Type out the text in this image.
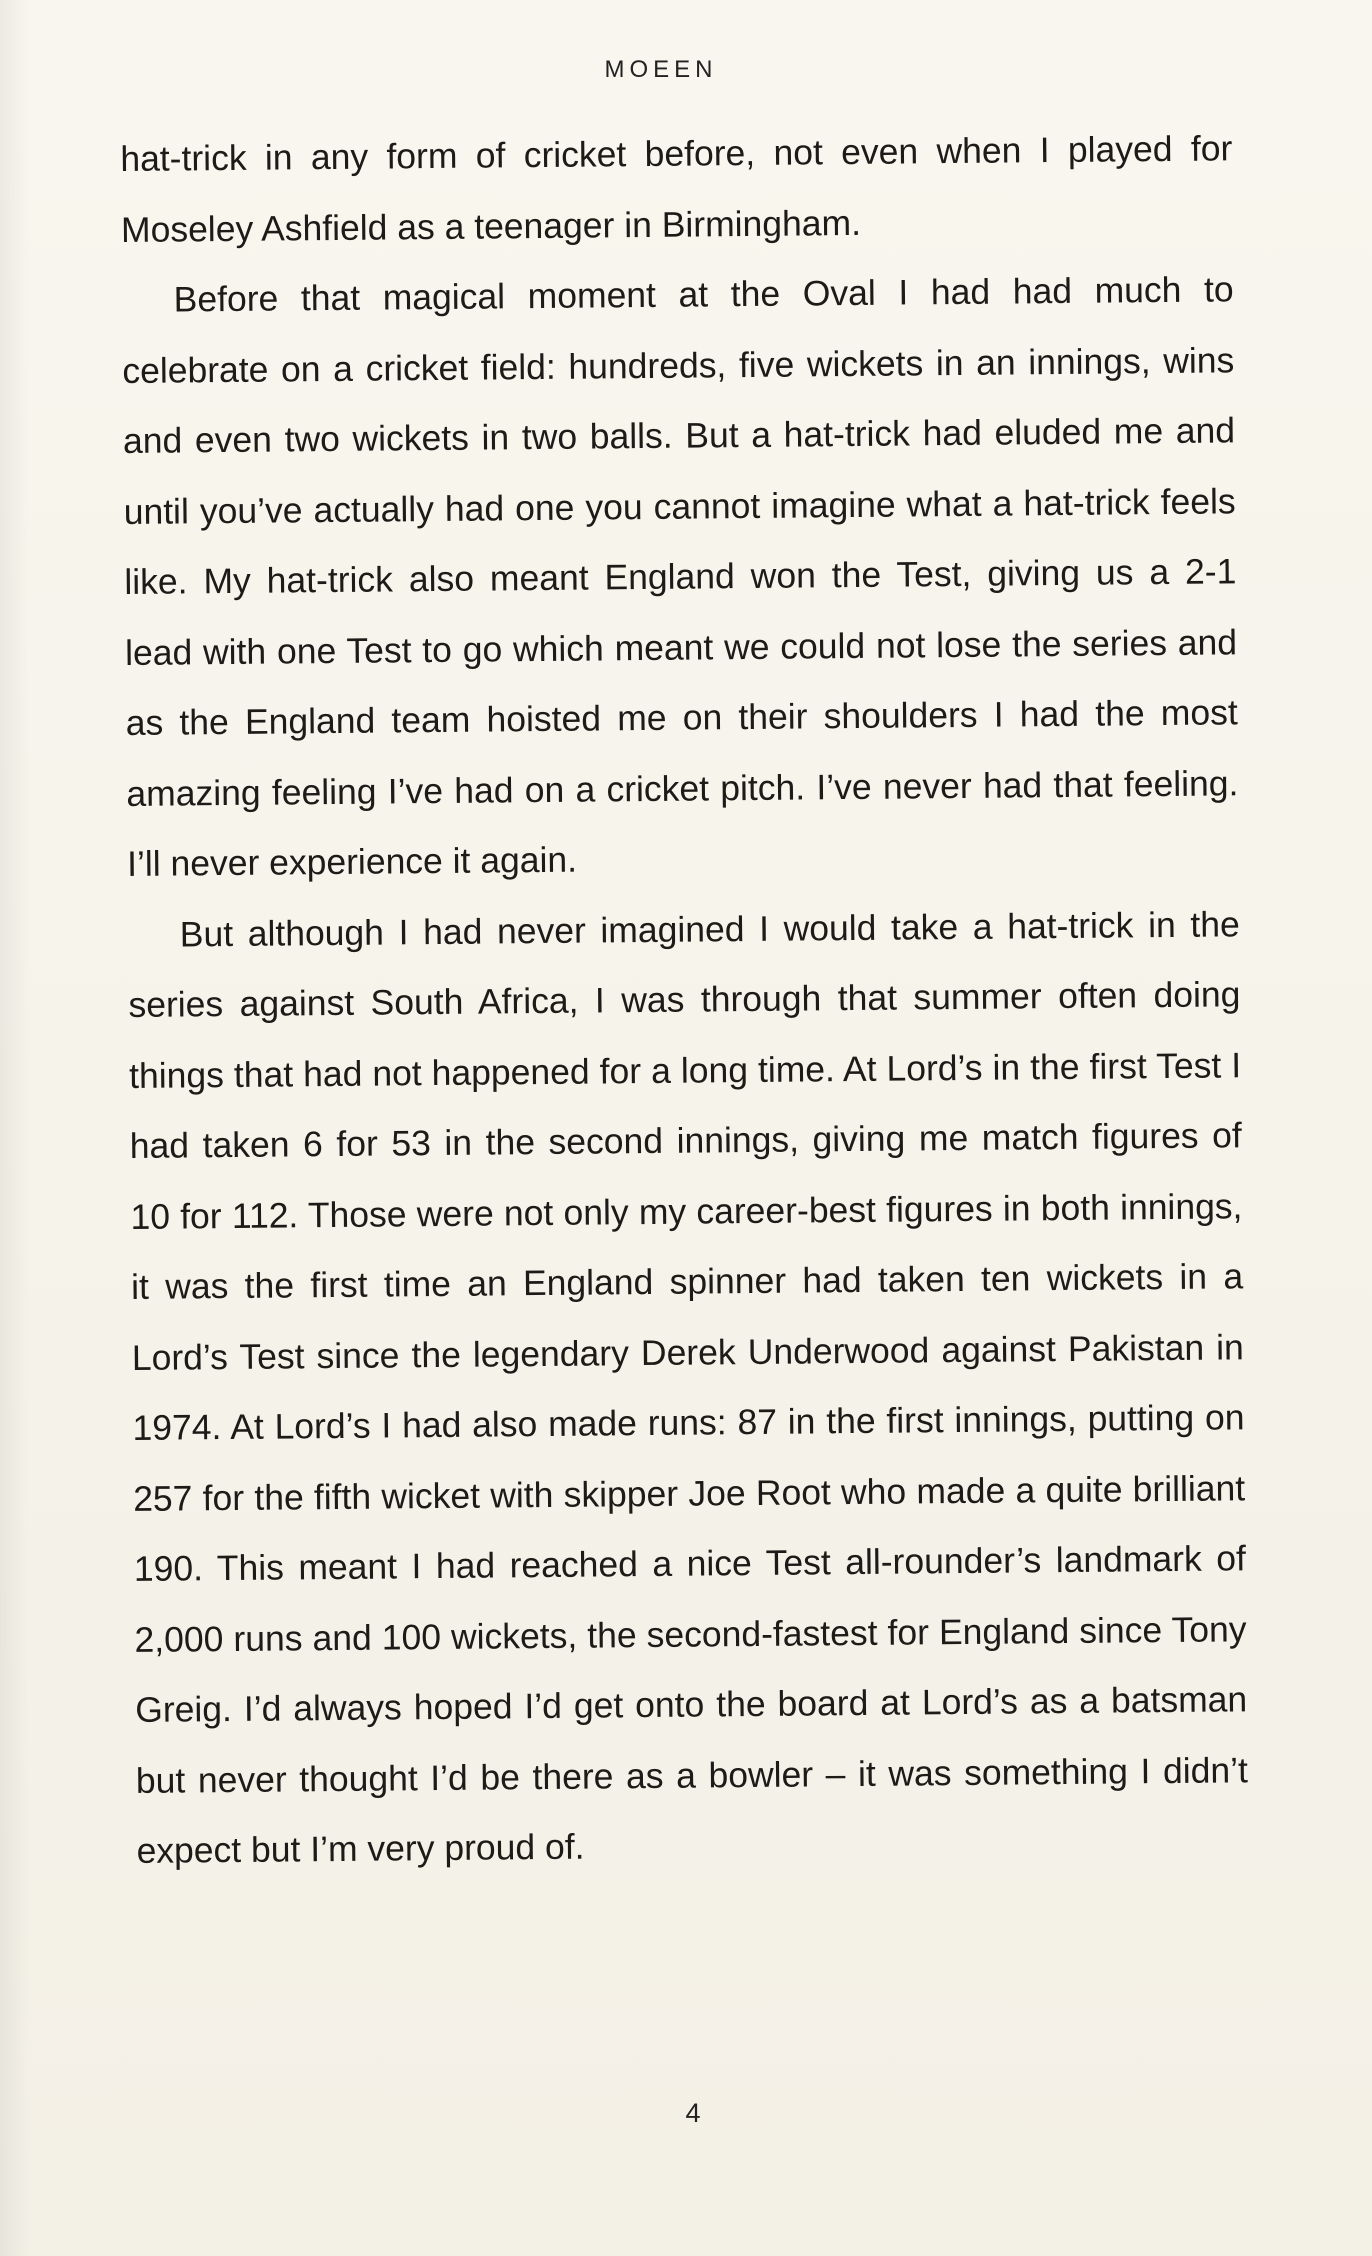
MOEEN

hat-trick in any form of cricket before, not even when I played for Moseley Ashfield as a teenager in Birmingham.

Before that magical moment at the Oval I had had much to celebrate on a cricket field: hundreds, five wickets in an innings, wins and even two wickets in two balls. But a hat-trick had eluded me and until you’ve actually had one you cannot imagine what a hat-trick feels like. My hat-trick also meant England won the Test, giving us a 2-1 lead with one Test to go which meant we could not lose the series and as the England team hoisted me on their shoulders I had the most amazing feeling I’ve had on a cricket pitch. I’ve never had that feeling. I’ll never experience it again.

But although I had never imagined I would take a hat-trick in the series against South Africa, I was through that summer often doing things that had not happened for a long time. At Lord’s in the first Test I had taken 6 for 53 in the second innings, giving me match figures of 10 for 112. Those were not only my career-best figures in both innings, it was the first time an England spinner had taken ten wickets in a Lord’s Test since the legendary Derek Underwood against Pakistan in 1974. At Lord’s I had also made runs: 87 in the first innings, putting on 257 for the fifth wicket with skipper Joe Root who made a quite brilliant 190. This meant I had reached a nice Test all-rounder’s landmark of 2,000 runs and 100 wickets, the second-fastest for England since Tony Greig. I’d always hoped I’d get onto the board at Lord’s as a batsman but never thought I’d be there as a bowler – it was something I didn’t expect but I’m very proud of.

4
